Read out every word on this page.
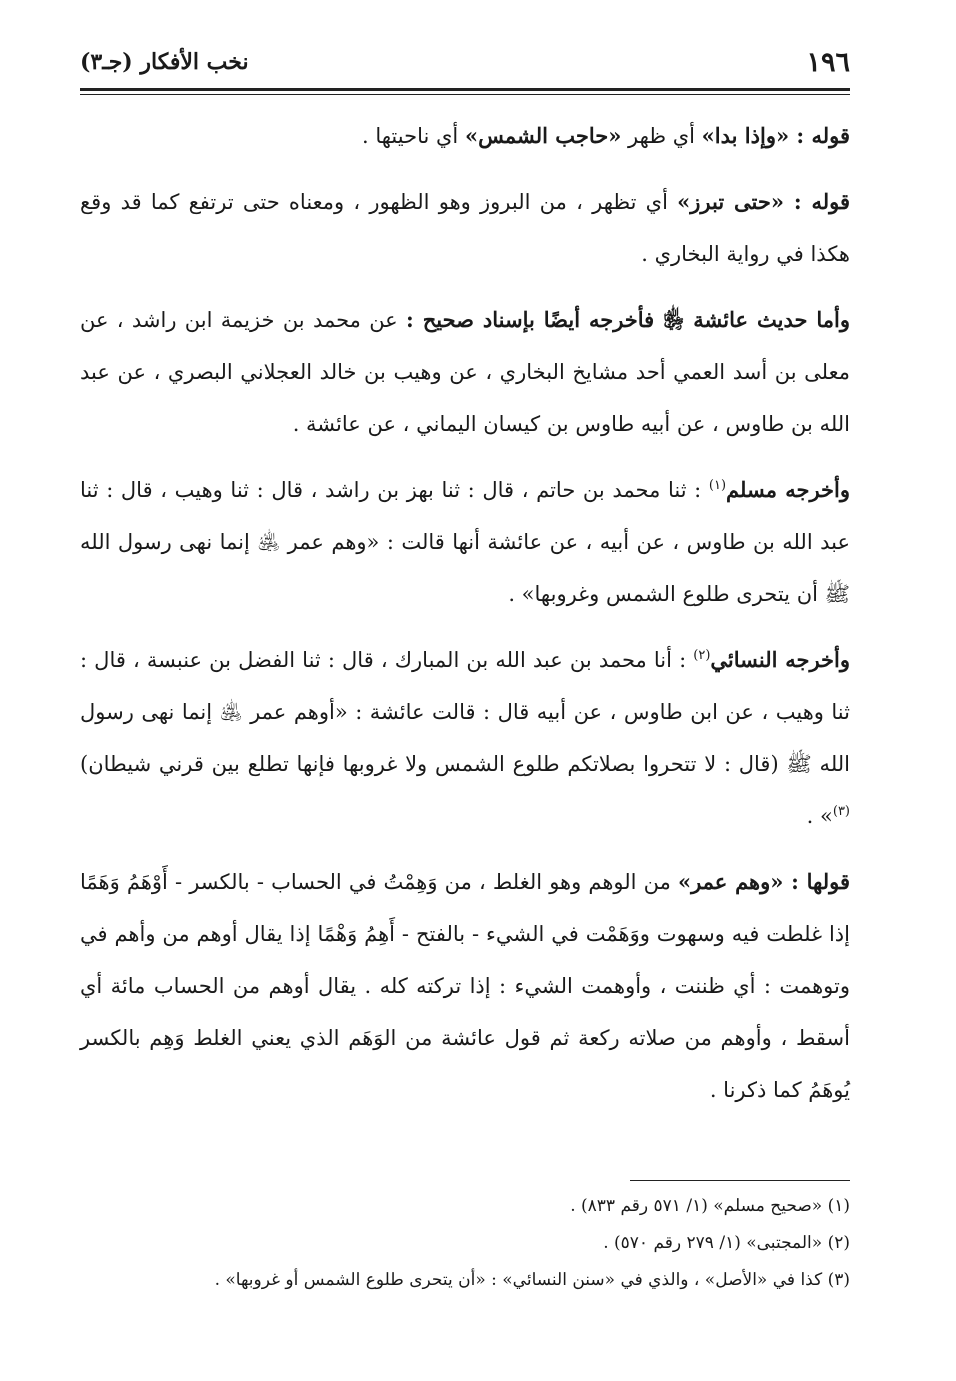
١٩٦
نخب الأفكار (جـ٣)

قوله : «وإذا بدا» أي ظهر «حاجب الشمس» أي ناحيتها .

قوله : «حتى تبرز» أي تظهر ، من البروز وهو الظهور ، ومعناه حتى ترتفع كما قد وقع هكذا في رواية البخاري .

وأما حديث عائشة ﵂ فأخرجه أيضًا بإسناد صحيح : عن محمد بن خزيمة ابن راشد ، عن معلى بن أسد العمي أحد مشايخ البخاري ، عن وهيب بن خالد العجلاني البصري ، عن عبد الله بن طاوس ، عن أبيه طاوس بن كيسان اليماني ، عن عائشة .

وأخرجه مسلم$^{(١)}$ : ثنا محمد بن حاتم ، قال : ثنا بهز بن راشد ، قال : ثنا وهيب ، قال : ثنا عبد الله بن طاوس ، عن أبيه ، عن عائشة أنها قالت : «وهم عمر ﵁ إنما نهى رسول الله ﷺ أن يتحرى طلوع الشمس وغروبها» .

وأخرجه النسائي$^{(٢)}$ : أنا محمد بن عبد الله بن المبارك ، قال : ثنا الفضل بن عنبسة ، قال : ثنا وهيب ، عن ابن طاوس ، عن أبيه قال : قالت عائشة : «أوهم عمر ﵁ إنما نهى رسول الله ﷺ (قال : لا تتحروا بصلاتكم طلوع الشمس ولا غروبها فإنها تطلع بين قرني شيطان)$^{(٣)}$» .

قولها : «وهم عمر» من الوهم وهو الغلط ، من وَهِمْتُ في الحساب - بالكسر - أَوْهَمُ وَهَمًا إذا غلطت فيه وسهوت ووَهَمْت في الشيء - بالفتح - أَهِمُ وَهْمًا إذا يقال أوهم من وأهم في وتوهمت : أي ظننت ، وأوهمت الشيء : إذا تركته كله . يقال أوهم من الحساب مائة أي أسقط ، وأوهم من صلاته ركعة ثم قول عائشة من الوَهَم الذي يعني الغلط وَهِم بالكسر يُوهَمُ كما ذكرنا .

(١) «صحيح مسلم» (١/ ٥٧١ رقم ٨٣٣) .

(٢) «المجتبى» (١/ ٢٧٩ رقم ٥٧٠) .

(٣) كذا في «الأصل» ، والذي في «سنن النسائي» : «أن يتحرى طلوع الشمس أو غروبها» .
